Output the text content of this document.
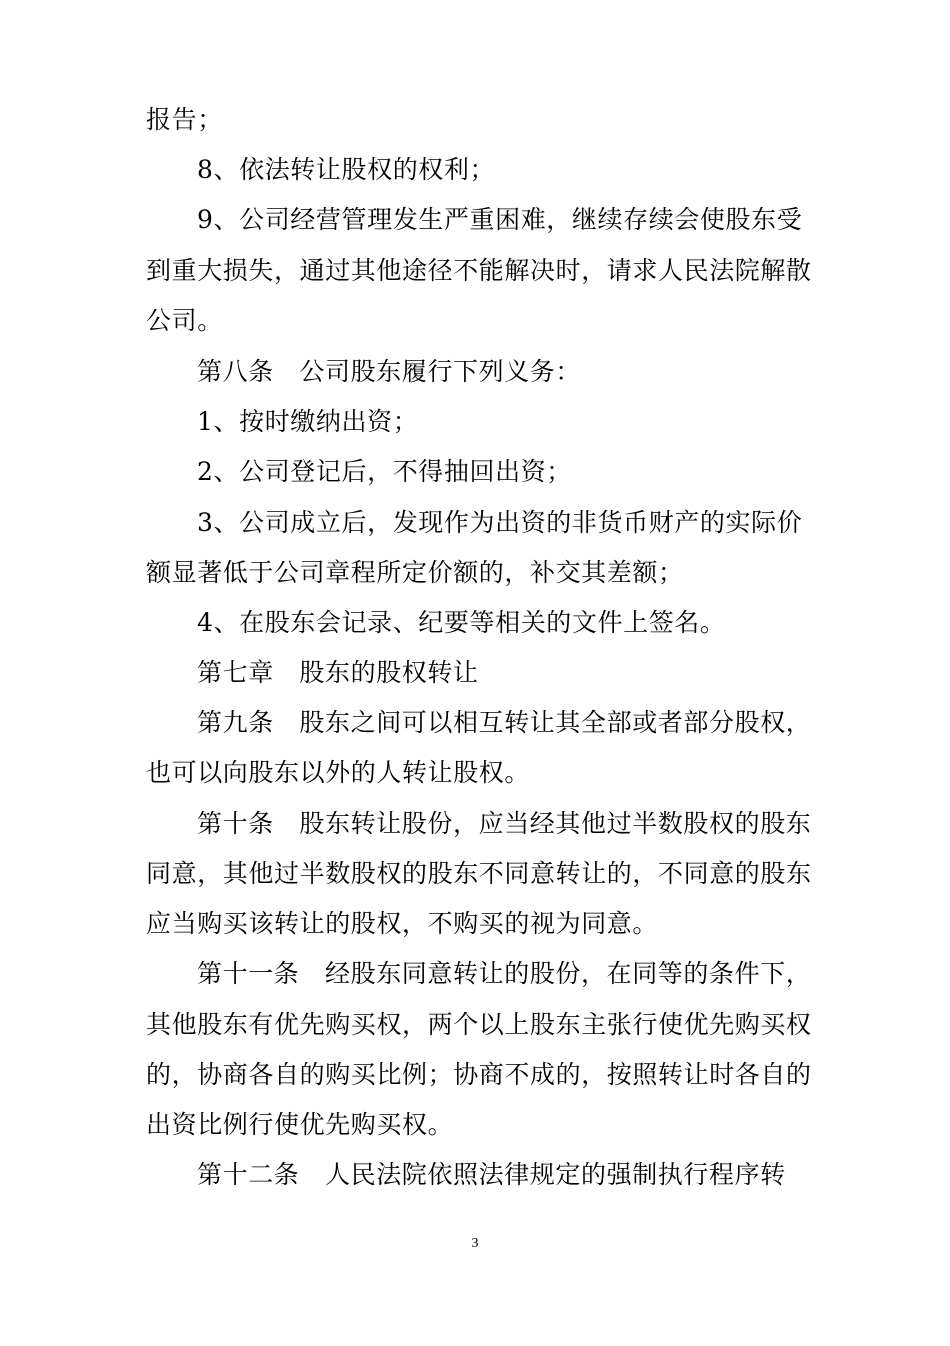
报告；
8、依法转让股权的权利；
9、公司经营管理发生严重困难，继续存续会使股东受
到重大损失，通过其他途径不能解决时，请求人民法院解散
公司。
第八条　公司股东履行下列义务：
1、按时缴纳出资；
2、公司登记后，不得抽回出资；
3、公司成立后，发现作为出资的非货币财产的实际价
额显著低于公司章程所定价额的，补交其差额；
4、在股东会记录、纪要等相关的文件上签名。
第七章　股东的股权转让
第九条　股东之间可以相互转让其全部或者部分股权，
也可以向股东以外的人转让股权。
第十条　股东转让股份，应当经其他过半数股权的股东
同意，其他过半数股权的股东不同意转让的，不同意的股东
应当购买该转让的股权，不购买的视为同意。
第十一条　经股东同意转让的股份，在同等的条件下，
其他股东有优先购买权，两个以上股东主张行使优先购买权
的，协商各自的购买比例；协商不成的，按照转让时各自的
出资比例行使优先购买权。
第十二条　人民法院依照法律规定的强制执行程序转
3
